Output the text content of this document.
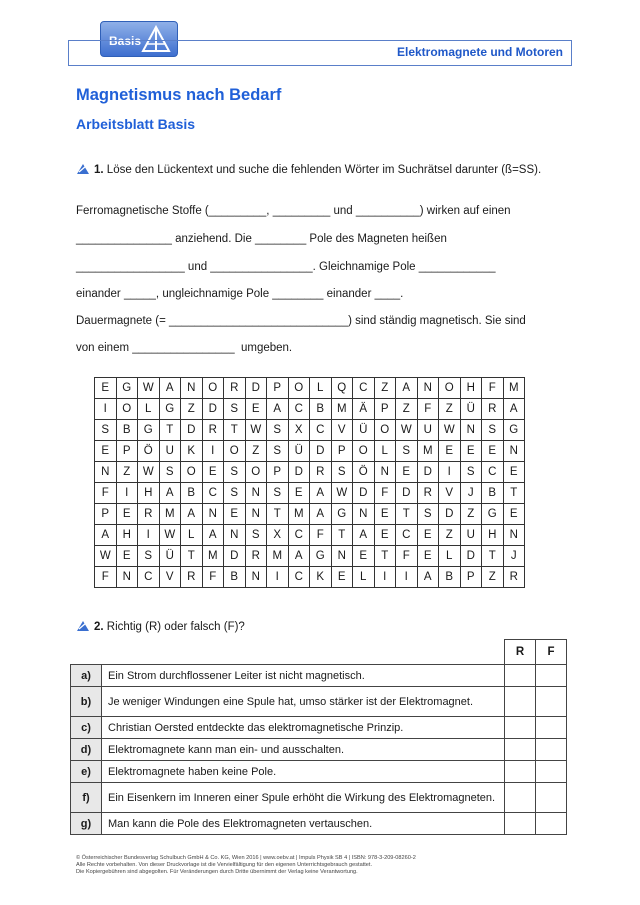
Basis
Elektromagnete und Motoren
Magnetismus nach Bedarf
Arbeitsblatt Basis
1. Löse den Lückentext und suche die fehlenden Wörter im Suchrätsel darunter (ß=SS).
Ferromagnetische Stoffe (_________, _________ und __________) wirken auf einen
_______________ anziehend. Die ________ Pole des Magneten heißen
_________________ und ________________. Gleichnamige Pole ____________
einander _____, ungleichnamige Pole ________ einander ____.
Dauermagnete (= ____________________________) sind ständig magnetisch. Sie sind
von einem ________________  umgeben.
E	G	W	A	N	O	R	D	P	O	L	Q	C	Z	A	N	O	H	F	M
I	O	L	G	Z	D	S	E	A	C	B	M	Ä	P	Z	F	Z	Ü	R	A
S	B	G	T	D	R	T	W	S	X	C	V	Ü	O	W	U	W	N	S	G
E	P	Ö	U	K	I	O	Z	S	Ü	D	P	O	L	S	M	E	E	E	N
N	Z	W	S	O	E	S	O	P	D	R	S	Ö	N	E	D	I	S	C	E
F	I	H	A	B	C	S	N	S	E	A	W	D	F	D	R	V	J	B	T
P	E	R	M	A	N	E	N	T	M	A	G	N	E	T	S	D	Z	G	E
A	H	I	W	L	A	N	S	X	C	F	T	A	E	C	E	Z	U	H	N
W	E	S	Ü	T	M	D	R	M	A	G	N	E	T	F	E	L	D	T	J
F	N	C	V	R	F	B	N	I	C	K	E	L	I	I	A	B	P	Z	R
2. Richtig (R) oder falsch (F)?
		R	F
a)	Ein Strom durchflossener Leiter ist nicht magnetisch.		
b)	Je weniger Windungen eine Spule hat, umso stärker ist der Elektromagnet.		
c)	Christian Oersted entdeckte das elektromagnetische Prinzip.		
d)	Elektromagnete kann man ein- und ausschalten.		
e)	Elektromagnete haben keine Pole.		
f)	Ein Eisenkern im Inneren einer Spule erhöht die Wirkung des Elektromagneten.		
g)	Man kann die Pole des Elektromagneten vertauschen.		
© Österreichischer Bundesverlag Schulbuch GmbH & Co. KG, Wien 2016 | www.oebv.at | Impuls Physik SB 4 | ISBN: 978-3-209-08260-2
Alle Rechte vorbehalten. Von dieser Druckvorlage ist die Vervielfältigung für den eigenen Unterrichtsgebrauch gestattet.
Die Kopiergebühren sind abgegolten. Für Veränderungen durch Dritte übernimmt der Verlag keine Verantwortung.
